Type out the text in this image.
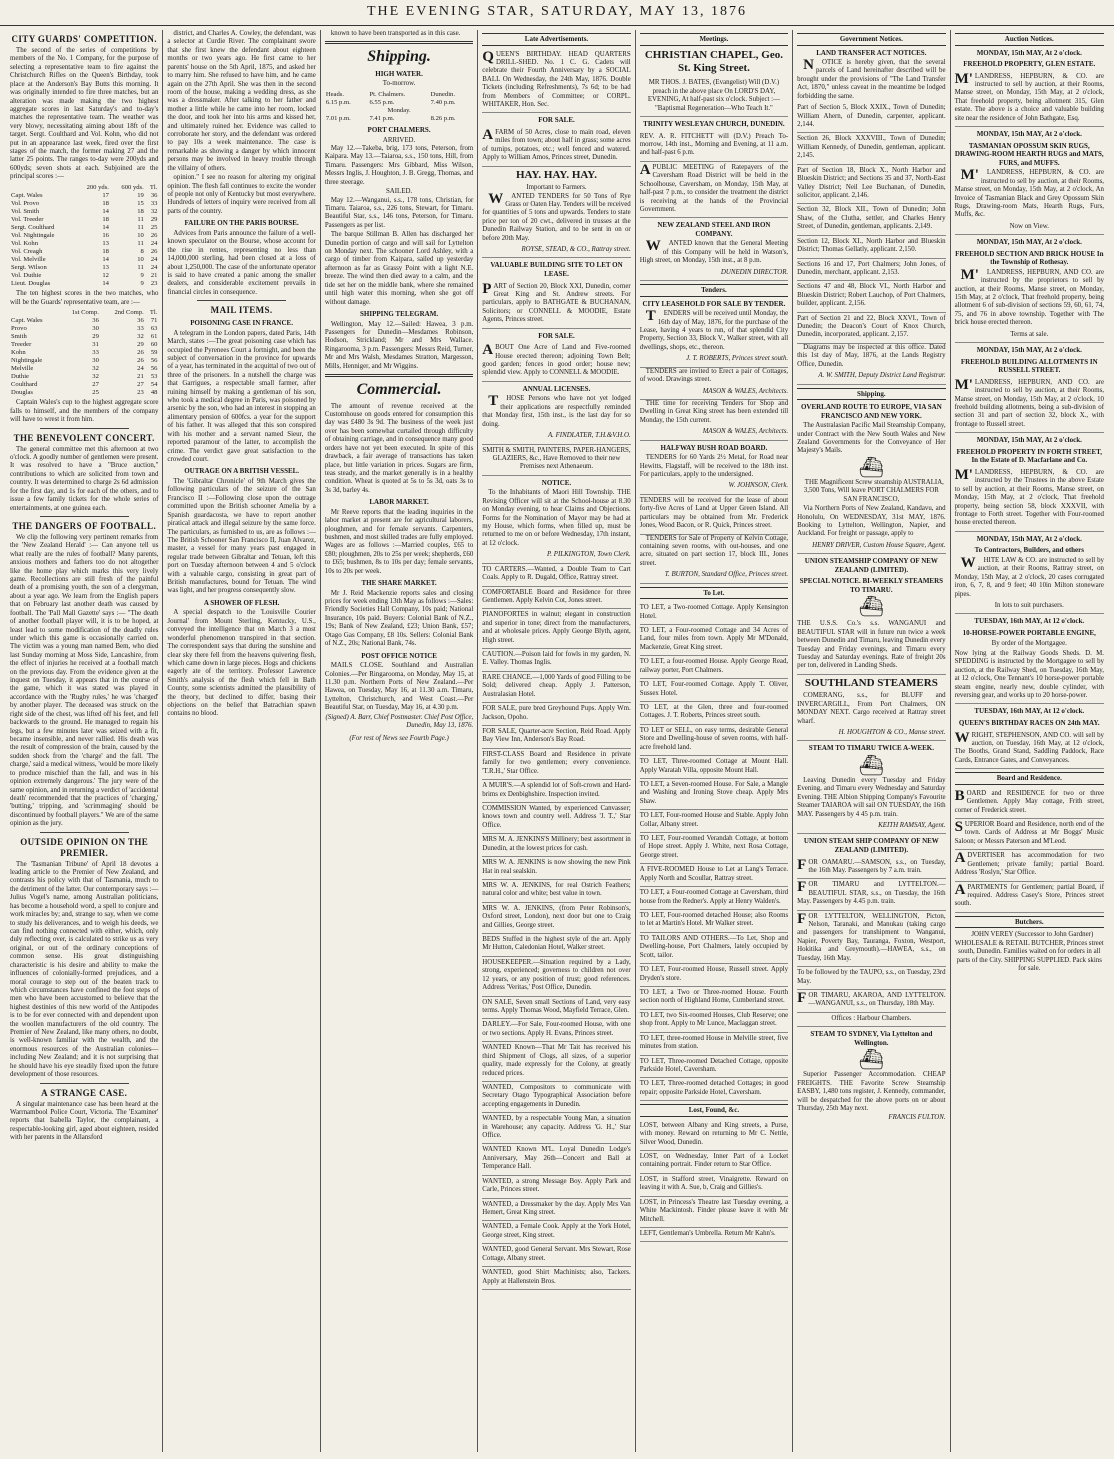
THE EVENING STAR, SATURDAY, MAY 13, 1876
CITY GUARDS' COMPETITION.
The second of the series of competitions by members of the No. 1 Company, for the purpose of selecting a representative team to fire against the Christchurch Rifles on the Queen's Birthday, took place at the Anderson's Bay Butts this morning. It was originally intended to fire three matches, but an alteration was made making the two highest aggregate scores in last Saturday's and to-day's matches the representative team. The weather was very blowy, necessitating aiming about 18ft of the target. Sergt. Coulthard and Vol. Kohn, who did not put in an appearance last week, fired over the first stages of the match, the former making 27 and the latter 25 points. The ranges to-day were 200yds and 600yds; seven shots at each. Subjoined are the principal scores :—
	200 yds.	600 yds.	Tl.
Capt. Wales	17	19	36
Vol. Provo	18	15	33
Vol. Smith	14	18	32
Vol. Treeder	18	11	29
Sergt. Coulthard	14	11	25
Vol. Nightingale	16	10	26
Vol. Kohn	13	11	24
Vol. Creagh	18	8	26
Vol. Melville	14	10	24
Sergt. Wilson	13	11	24
Vol. Duthie	12	9	21
Lieut. Douglas	14	9	23
The ten highest scores in the two matches, who will be the Guards' representative team, are :—
	1st Comp.	2nd Comp.	Tl.
Capt. Wales	36	36	71
Provo	30	33	63
Smith	29	32	61
Treeder	31	29	60
Kohn	33	26	59
Nightingale	30	26	56
Melville	32	24	56
Duthie	32	21	53
Coulthard	27	27	54
Douglas	25	23	48
Captain Wales's cup to the highest aggregate score falls to himself, and the members of the company will have to wrest it from him.
THE BENEVOLENT CONCERT.
The general committee met this afternoon at two o'clock. A goodly number of gentlemen were present. It was resolved to have a "Bruce auction," contributions to which are solicited from town and country. It was determined to charge 2s 6d admission for the first day, and 1s for each of the others, and to issue a few family tickets for the whole series of entertainments, at one guinea each.
THE DANGERS OF FOOTBALL.
We clip the following very pertinent remarks from the 'New Zealand Herald' :— Can anyone tell us what really are the rules of football? Many parents, anxious mothers and fathers too do not altogether like the home play which marks this very lively game. Recollections are still fresh of the painful death of a promising youth, the son of a clergyman, about a year ago. We learn from the English papers that on February last another death was caused by football. The 'Pall Mall Gazette' says :— "The death of another football player will, it is to be hoped, at least lead to some modification of the deadly rules under which this game is occasionally carried on. The victim was a young man named Bem, who died last Sunday morning at Moss Side, Lancashire, from the effect of injuries he received at a football match on the previous day. From the evidence given at the inquest on Tuesday, it appears that in the course of the game, which it was stated was played in accordance with the 'Rugby rules,' he was 'charged' by another player. The deceased was struck on the right side of the chest, was lifted off his feet, and fell backwards to the ground. He managed to regain his legs, but a few minutes later was seized with a fit, became insensible, and never rallied. His death was the result of compression of the brain, caused by the sudden shock from the 'charge' and the fall. 'The charge,' said a medical witness, 'would be more likely to produce mischief than the fall, and was in his opinion extremely dangerous.' The jury were of the same opinion, and in returning a verdict of 'accidental death' recommended that the practices of 'charging,' 'butting,' tripping, and 'scrimmaging' should be discontinued by football players." We are of the same opinion as the jury.
OUTSIDE OPINION ON THE PREMIER.
The 'Tasmanian Tribune' of April 18 devotes a leading article to the Premier of New Zealand, and contrasts his policy with that of Tasmania, much to the detriment of the latter. Our contemporary says :—Julius Vogel's name, among Australian politicians, has become a household word, a spell to conjure and work miracles by; and, strange to say, when we come to study his deliverances, and to weigh his deeds, we can find nothing connected with either, which, only duly reflecting over, is calculated to strike us as very original, or out of the ordinary conceptions of common sense. His great distinguishing characteristic is his desire and ability to make the influences of colonially-formed prejudices, and a moral courage to step out of the beaten track to which circumstances have confined the foot steps of men who have been accustomed to believe that the highest destinies of this new world of the Antipodes is to be for ever connected with and dependent upon the woollen manufacturers of the old country. The Premier of New Zealand, like many others, no doubt, is well-known familiar with the wealth, and the enormous resources of the Australian colonies—including New Zealand; and it is not surprising that he should have his eye steadily fixed upon the future development of those resources.
A STRANGE CASE.
A singular maintenance case has been heard at the Warrnambool Police Court, Victoria. The 'Examiner' reports that Isabella Taylor, the complainant, a respectable-looking girl, aged about eighteen, resided with her parents in the Allansford
district, and Charles A. Cowley, the defendant, was a selector at Curdie River. The complainant swore that she first knew the defendant about eighteen months or two years ago. He first came to her parents' house on the 5th April, 1875, and asked her to marry him. She refused to have him, and he came again on the 27th April. She was then in the second room of the house, making a wedding dress, as she was a dressmaker. After talking to her father and mother a little while he came into her room, locked the door, and took her into his arms and kissed her, and ultimately ruined her. Evidence was called to corroborate her story, and the defendant was ordered to pay 10s a week maintenance. The case is remarkable as showing a danger by which innocent persons may be involved in heavy trouble through the villainy of others.
opinion." I see no reason for altering my original opinion. The flesh fall continues to excite the wonder of people not only of Kentucky but most everywhere. Hundreds of letters of inquiry were received from all parts of the country.
FAILURE ON THE PARIS BOURSE.
Advices from Paris announce the failure of a well-known speculator on the Bourse, whose account for the rise in rentes, representing no less than 14,000,000 sterling, had been closed at a loss of about 1,250,000. The case of the unfortunate operator is said to have created a panic among the smaller dealers, and considerable excitement prevails in financial circles in consequence.
MAIL ITEMS.
POISONING CASE IN FRANCE.
A telegram in the London papers, dated Paris, 14th March, states :—The great poisoning case which has occupied the Pyrenees Court a fortnight, and been the subject of conversation in the province for upwards of a year, has terminated in the acquittal of two out of three of the prisoners. In a nutshell the charge was that Garrigues, a respectable small farmer, after ruining himself by making a gentleman of his son, who took a medical degree in Paris, was poisoned by arsenic by the son, who had an interest in stopping an alimentary pension of 600fcs. a year for the support of his father. It was alleged that this son conspired with his mother and a servant named Sieur, the reported paramour of the latter, to accomplish the crime. The verdict gave great satisfaction to the crowded court.
OUTRAGE ON A BRITISH VESSEL.
The 'Gibraltar Chronicle' of 9th March gives the following particulars of the seizure of the San Francisco II :—Following close upon the outrage committed upon the British schooner Amelia by a Spanish guardacosta, we have to report another piratical attack and illegal seizure by the same force. The particulars, as furnished to us, are as follows :—The British Schooner San Francisco II, Juan Alvarez, master, a vessel for many years past engaged in regular trade between Gibraltar and Tetuan, left this port on Tuesday afternoon between 4 and 5 o'clock with a valuable cargo, consisting in great part of British manufactures, bound for Tetuan. The wind was light, and her progress consequently slow.
A SHOWER OF FLESH.
A special despatch to the 'Louisville Courier Journal' from Mount Sterling, Kentucky, U.S., conveyed the intelligence that on March 3 a most wonderful phenomenon transpired in that section. The correspondent says that during the sunshine and clear sky there fell from the heavens quivering flesh, which came down in large pieces. Hogs and chickens eagerly ate of the territory. Professor Lawrence Smith's analysis of the flesh which fell in Bath County, some scientists admitted the plausibility of the theory, but declined to differ, basing their objections on the belief that Batrachian spawn contains no blood.
known to have been transported as in this case.
Shipping.
HIGH WATER.
To-morrow.
Heads.	Pt. Chalmers.	Dunedin.
6.15 p.m.	6.55 p.m.	7.40 p.m.
Monday.		
7.01 p.m.	7.41 p.m.	8.26 p.m.
PORT CHALMERS.
ARRIVED.
May 12.—Takeba, brig, 173 tons, Peterson, from Kaipara. May 13.—Taiaroa, s.s., 150 tons, Hill, from Timaru. Passengers: Mrs Gibbard, Miss Wilson, Messrs Inglis, J. Houghton, J. B. Gregg, Thomas, and three steerage.
SAILED.
May 12.—Wanganui, s.s., 178 tons, Christian, for Timaru. Taiaroa, s.s., 226 tons, Stewart, for Timaru. Beautiful Star, s.s., 146 tons, Peterson, for Timaru. Passengers as per list.
The barque Stillman B. Allen has discharged her Dunedin portion of cargo and will sail for Lyttelton on Monday next. The schooner Lord Ashley, with a cargo of timber from Kaipara, sailed up yesterday afternoon as far as Grassy Point with a light N.E. breeze. The wind then died away to a calm, and the tide set her on the middle bank, where she remained until high water this morning, when she got off without damage.
SHIPPING TELEGRAM.
Wellington, May 12.—Sailed: Hawea, 3 p.m. Passengers for Dunedin—Mesdames Robinson, Hodson, Strickland; Mr and Mrs Wallace. Ringarooma, 3 p.m. Passengers: Messrs Reid, Turner, Mr and Mrs Walsh, Mesdames Stratton, Margesson, Mills, Henniger, and Mr Wiggins.
Commercial.
The amount of revenue received at the Customhouse on goods entered for consumption this day was £480 3s 9d. The business of the week just over has been somewhat curtailed through difficulty of obtaining carriage, and in consequence many good orders have not yet been executed. In spite of this drawback, a fair average of transactions has taken place, but little variation in prices. Sugars are firm, teas steady, and the market generally is in a healthy condition. Wheat is quoted at 5s to 5s 3d, oats 3s to 3s 3d, barley 4s.
LABOR MARKET.
Mr Reeve reports that the leading inquiries in the labor market at present are for agricultural laborers, ploughmen, and for female servants. Carpenters, bushmen, and most skilled trades are fully employed. Wages are as follows :—Married couples, £65 to £80; ploughmen, 20s to 25s per week; shepherds, £60 to £65; bushmen, 8s to 10s per day; female servants, 10s to 20s per week.
THE SHARE MARKET.
Mr J. Reid Mackenzie reports sales and closing prices for week ending 13th May as follows :—Sales: Friendly Societies Hall Company, 10s paid; National Insurance, 10s paid. Buyers: Colonial Bank of N.Z., 19s; Bank of New Zealand, £23; Union Bank, £57; Otago Gas Company, £8 10s. Sellers: Colonial Bank of N.Z., 20s; National Bank, 74s.
POST OFFICE NOTICE
MAILS CLOSE. Southland and Australian Colonies.—Per Ringarooma, on Monday, May 15, at 11.30 p.m. Northern Ports of New Zealand.—Per Hawea, on Tuesday, May 16, at 11.30 a.m. Timaru, Lyttelton, Christchurch, and West Coast.—Per Beautiful Star, on Tuesday, May 16, at 4.30 p.m.
(Signed) A. Barr, Chief Postmaster. Chief Post Office, Dunedin, May 13, 1876.
(For rest of News see Fourth Page.)
Late Advertisements.
QUEEN'S BIRTHDAY. HEAD QUARTERS DRILL-SHED. No. 1 C. G. Cadets will celebrate their Fourth Anniversary by a SOCIAL BALL On Wednesday, the 24th May, 1876. Double Tickets (including Refreshments), 7s 6d; to be had from Members of Committee; or CORPL. WHITAKER, Hon. Sec.
FOR SALE.
AFARM of 50 Acres, close to main road, eleven miles from town; about half in grass; some acres of turnips, potatoes, etc.; well fenced and watered. Apply to William Amos, Princes street, Dunedin.
HAY. HAY. HAY.
Important to Farmers.
WANTED TENDERS for 50 Tons of Rye Grass or Oaten Hay. Tenders will be received for quantities of 5 tons and upwards. Tenders to state price per ton of 20 cwt., delivered in trusses at the Dunedin Railway Station, and to be sent in on or before 20th May.
ROYSE, STEAD, & CO., Rattray street.
VALUABLE BUILDING SITE TO LET ON LEASE.
PART of Section 20, Block XXI, Dunedin, corner Great King and St. Andrew streets. For particulars, apply to BATHGATE & BUCHANAN, Solicitors; or CONNELL & MOODIE, Estate Agents, Princes street.
FOR SALE.
ABOUT One Acre of Land and Five-roomed House erected thereon; adjoining Town Belt; good garden; fences in good order; house new; splendid view. Apply to CONNELL & MOODIE.
ANNUAL LICENSES.
THOSE Persons who have not yet lodged their applications are respectfully reminded that Monday first, 15th inst., is the last day for so doing.
A. FINDLATER, T.H.&V.H.O.
SMITH & SMITH, PAINTERS, PAPER-HANGERS, GLAZIERS, &c., Have Removed to their new Premises next Athenaeum.
NOTICE.
To the Inhabitants of Maori Hill Township. THE Revising Officer will sit at the School-house at 8.30 on Monday evening, to hear Claims and Objections. Forms for the Nomination of Mayor may be had at my House, which forms, when filled up, must be returned to me on or before Wednesday, 17th instant, at 12 o'clock.
P. PILKINGTON, Town Clerk.
TO CARTERS.—Wanted, a Double Team to Cart Coals. Apply to R. Dugald, Office, Rattray street.
COMFORTABLE Board and Residence for three Gentlemen. Apply Kelvin Cot, Jones street.
PIANOFORTES in walnut; elegant in construction and superior in tone; direct from the manufacturers, and at wholesale prices. Apply George Blyth, agent, High street.
CAUTION.—Poison laid for fowls in my garden, N. E. Valley. Thomas Inglis.
RARE CHANCE.—1,000 Yards of good Filling to be Sold; delivered cheap. Apply J. Patterson, Australasian Hotel.
FOR SALE, pure bred Greyhound Pups. Apply Wm. Jackson, Opoho.
FOR SALE, Quarter-acre Section, Reid Road. Apply Bay View Inn, Anderson's Bay Road.
FIRST-CLASS Board and Residence in private family for two gentlemen; every convenience. 'T.R.H.,' Star Office.
A MUIR'S.—A splendid lot of Soft-crown and Hard-brims ex Denbighshire. Inspection invited.
COMMISSION Wanted, by experienced Canvasser; knows town and country well. Address 'J. T.,' Star Office.
MRS M. A. JENKINS'S Millinery; best assortment in Dunedin, at the lowest prices for cash.
MRS W. A. JENKINS is now showing the new Pink Hat in real sealskin.
MRS W. A. JENKINS, for real Ostrich Feathers; natural color and white; best value in town.
MRS W. A. JENKINS, (from Peter Robinson's, Oxford street, London), next door but one to Craig and Gillies, George street.
BEDS Stuffed in the highest style of the art. Apply Mr Hutton, Caledonian Hotel, Walker street.
HOUSEKEEPER.—Situation required by a Lady, strong, experienced; governess to children not over 12 years, or any position of trust; good references. Address 'Veritas,' Post Office, Dunedin.
ON SALE, Seven small Sections of Land, very easy terms. Apply Thomas Wood, Mayfield Terrace, Glen.
DARLEY.—For Sale, Four-roomed House, with one or two sections. Apply H. Evans, Princes street.
WANTED Known—That Mr Tait has received his third Shipment of Clogs, all sizes, of a superior quality, made expressly for the Colony, at greatly reduced prices.
WANTED, Compositors to communicate with Secretary Otago Typographical Association before accepting engagements in Dunedin.
WANTED, by a respectable Young Man, a situation in Warehouse; any capacity. Address 'G. H.,' Star Office.
WANTED Known M'L. Loyal Dunedin Lodge's Anniversary, May 26th—Concert and Ball at Temperance Hall.
WANTED, a strong Message Boy. Apply Park and Carle, Princes street.
WANTED, a Dressmaker by the day. Apply Mrs Van Hemert, Great King street.
WANTED, a Female Cook. Apply at the York Hotel, George street, King street.
WANTED, good General Servant. Mrs Stewart, Rose Cottage, Albany street.
WANTED, good Shirt Machinists; also, Tackers. Apply at Hallenstein Bros.
Meetings.
CHRISTIAN CHAPEL, Geo. St. King Street.
MR THOS. J. BATES, (Evangelist) Will (D.V.) preach in the above place On LORD'S DAY, EVENING, At half-past six o'clock. Subject :— "Baptismal Regeneration—Who Teach It."
TRINITY WESLEYAN CHURCH, DUNEDIN.
REV. A. R. FITCHETT will (D.V.) Preach To-morrow, 14th inst., Morning and Evening, at 11 a.m. and half-past 6 p.m.
APUBLIC MEETING of Ratepayers of the Caversham Road District will be held in the Schoolhouse, Caversham, on Monday, 15th May, at half-past 7 p.m., to consider the treatment the district is receiving at the hands of the Provincial Government.
NEW ZEALAND STEEL AND IRON COMPANY.
WANTED known that the General Meeting of this Company will be held in Watson's, High street, on Monday, 15th inst., at 8 p.m.
DUNEDIN DIRECTOR.
Tenders.
CITY LEASEHOLD FOR SALE BY TENDER.
TENDERS will be received until Monday, the 16th day of May, 1876, for the purchase of the Lease, having 4 years to run, of that splendid City Property, Section 33, Block V., Walker street, with all dwellings, shops, etc., thereon.
J. T. ROBERTS, Princes street south.
TENDERS are invited to Erect a pair of Cottages, of wood. Drawings street.
MASON & WALES, Architects.
THE time for receiving Tenders for Shop and Dwelling in Great King street has been extended till Monday, the 15th current.
MASON & WALES, Architects.
HALFWAY BUSH ROAD BOARD.
TENDERS for 60 Yards 2½ Metal, for Road near Hewitts, Flagstaff, will be received to the 18th inst. For particulars, apply to the undersigned.
W. JOHNSON, Clerk.
TENDERS will be received for the lease of about forty-five Acres of Land at Upper Green Island. All particulars may be obtained from Mr. Frederick Jones, Wood Bacon, or R. Quick, Princes street.
TENDERS for Sale of Property of Kelvin Cottage, containing seven rooms, with out-houses, and one acre, situated on part section 17, block III., Jones street.
T. BURTON, Standard Office, Princes street.
To Let.
TO LET, a Two-roomed Cottage. Apply Kensington Hotel.
TO LET, a Four-roomed Cottage and 34 Acres of Land, four miles from town. Apply Mr M'Donald, Mackenzie, Great King street.
TO LET, a four-roomed House. Apply George Read, railway porter, Port Chalmers.
TO LET, Four-roomed Cottage. Apply T. Oliver, Sussex Hotel.
TO LET, at the Glen, three and four-roomed Cottages. J. T. Roberts, Princes street south.
TO LET or SELL, on easy terms, desirable General Store and Dwelling-house of seven rooms, with half-acre freehold land.
TO LET, Three-roomed Cottage at Mount Hall. Apply Waratah Villa, opposite Mount Hall.
TO LET, a Seven-roomed House. For Sale, a Mangle and Washing and Ironing Stove cheap. Apply Mrs Shaw.
TO LET, Four-roomed House and Stable. Apply John Collar, Albany street.
TO LET, Four-roomed Verandah Cottage, at bottom of Hope street. Apply J. White, next Rosa Cottage, George street.
A FIVE-ROOMED House to Let at Lang's Terrace. Apply North and Scoullar, Rattray street.
TO LET, a Four-roomed Cottage at Caversham, third house from the Redner's. Apply at Henry Walden's.
TO LET, Four-roomed detached House; also Rooms to let at Martin's Hotel. Mr Walker street.
TO TAILORS AND OTHERS.—To Let, Shop and Dwelling-house, Port Chalmers, lately occupied by Scott, tailor.
TO LET, Four-roomed House, Russell street. Apply Dryden's store.
TO LET, a Two or Three-roomed House. Fourth section north of Highland Home, Cumberland street.
TO LET, two Six-roomed Houses, Club Reserve; one shop front. Apply to Mr Lunce, Maclaggan street.
TO LET, three-roomed House in Melville street, five minutes from station.
TO LET, Three-roomed Detached Cottage, opposite Parkside Hotel, Caversham.
TO LET, Three-roomed detached Cottages; in good repair; opposite Parkside Hotel, Caversham.
Lost, Found, &c.
LOST, between Albany and King streets, a Purse, with money. Reward on returning to Mr C. Nettle, Silver Wood, Dunedin.
LOST, on Wednesday, Inner Part of a Locket containing portrait. Finder return to Star Office.
LOST, in Stafford street, Vinaigrette. Reward on leaving it with A. Sue, b, Craig and Gillies's.
LOST, in Princess's Theatre last Tuesday evening, a White Mackintosh. Finder please leave it with Mr Mitchell.
LEFT, Gentleman's Umbrella. Return Mr Kahn's.
Government Notices.
LAND TRANSFER ACT NOTICES.
NOTICE is hereby given, that the several parcels of Land hereinafter described will be brought under the provisions of "The Land Transfer Act, 1870," unless caveat in the meantime be lodged forbidding the same.
Part of Section 5, Block XXIX., Town of Dunedin; William Ahern, of Dunedin, carpenter, applicant. 2,144.
Section 26, Block XXXVIII., Town of Dunedin; William Kennedy, of Dunedin, gentleman, applicant. 2,145.
Part of Section 18, Block X., North Harbor and Blueskin District; and Sections 35 and 37, North-East Valley District; Neil Lee Buchanan, of Dunedin, solicitor, applicant. 2,146.
Section 32, Block XII., Town of Dunedin; John Shaw, of the Clutha, settler, and Charles Henry Street, of Dunedin, gentleman, applicants. 2,149.
Section 12, Block XI., North Harbor and Blueskin District; Thomas Gellatly, applicant. 2,150.
Sections 16 and 17, Port Chalmers; John Jones, of Dunedin, merchant, applicant. 2,153.
Sections 47 and 48, Block VI., North Harbor and Blueskin District; Robert Lauchop, of Port Chalmers, builder, applicant. 2,156.
Part of Section 21 and 22, Block XXVI., Town of Dunedin; the Deacon's Court of Knox Church, Dunedin, incorporated, applicant. 2,157.
Diagrams may be inspected at this office. Dated this 1st day of May, 1876, at the Lands Registry Office, Dunedin.
A. W. SMITH, Deputy District Land Registrar.
Shipping.
OVERLAND ROUTE TO EUROPE, VIA SAN FRANCISCO AND NEW YORK.
The Australasian Pacific Mail Steamship Company, under Contract with the New South Wales and New Zealand Governments for the Conveyance of Her Majesty's Mails.
⛴
THE Magnificent Screw steamship AUSTRALIA, 3,500 Tons, Will leave PORT CHALMERS FOR SAN FRANCISCO,
Via Northern Ports of New Zealand, Kandavu, and Honolulu, On WEDNESDAY, 31st MAY, 1876. Booking to Lyttelton, Wellington, Napier, and Auckland. For freight or passage, apply to
HENRY DRIVER, Custom House Square, Agent.
UNION STEAMSHIP COMPANY OF NEW ZEALAND (LIMITED).
SPECIAL NOTICE. BI-WEEKLY STEAMERS TO TIMARU.
⛴
THE U.S.S. Co.'s s.s. WANGANUI and BEAUTIFUL STAR will in future run twice a week between Dunedin and Timaru, leaving Dunedin every Tuesday and Friday evenings, and Timaru every Tuesday and Saturday evenings. Rate of freight 20s per ton, delivered in Landing Sheds.
SOUTHLAND STEAMERS
COMERANG, s.s., for BLUFF and INVERCARGILL, From Port Chalmers, ON MONDAY NEXT. Cargo received at Rattray street wharf.
H. HOUGHTON & CO., Manse street.
STEAM TO TIMARU TWICE A-WEEK.
⛴
Leaving Dunedin every Tuesday and Friday Evening, and Timaru every Wednesday and Saturday Evening. THE Albion Shipping Company's Favourite Steamer TAIAROA will sail ON TUESDAY, the 16th MAY. Passengers by 4 45 p.m. train.
KEITH RAMSAY, Agent.
UNION STEAM SHIP COMPANY OF NEW ZEALAND (LIMITED).
FOR OAMARU.—SAMSON, s.s., on Tuesday, the 16th May. Passengers by 7 a.m. train.
FOR TIMARU and LYTTELTON.—BEAUTIFUL STAR, s.s., on Tuesday, the 16th May. Passengers by 4.45 p.m. train.
FOR LYTTELTON, WELLINGTON, Picton, Nelson, Taranaki, and Manukau (taking cargo and passengers for transhipment to Wanganui, Napier, Poverty Bay, Tauranga, Foxton, Westport, Hokitika and Greymouth).—HAWEA, s.s., on Tuesday, 16th May.
To be followed by the TAUPO, s.s., on Tuesday, 23rd May.
FOR TIMARU, AKAROA, AND LYTTELTON.—WANGANUI, s.s., on Thursday, 18th May.
Offices : Harbour Chambers.
STEAM TO SYDNEY, Via Lyttelton and Wellington.
⛴
Superior Passenger Accommodation. CHEAP FREIGHTS. THE Favorite Screw Steamship EASBY, 1,480 tons register, J. Kennedy, commander, will be despatched for the above ports on or about Thursday, 25th May next.
FRANCIS FULTON.
Auction Notices.
MONDAY, 15th MAY, At 2 o'clock.
FREEHOLD PROPERTY, GLEN ESTATE.
M'LANDRESS, HEPBURN, & CO. are instructed to sell by auction, at their Rooms, Manse street, on Monday, 15th May, at 2 o'clock, That freehold property, being allotment 315, Glen estate. The above is a choice and valuable building site near the residence of John Bathgate, Esq.
MONDAY, 15th MAY, At 2 o'clock.
TASMANIAN OPOSSUM SKIN RUGS, DRAWING-ROOM HEARTH RUGS and MATS, FURS, and MUFFS.
M'LANDRESS, HEPBURN, & CO. are instructed to sell by auction, at their Rooms, Manse street, on Monday, 15th May, at 2 o'clock, An Invoice of Tasmanian Black and Grey Opossum Skin Rugs, Drawing-room Mats, Hearth Rugs, Furs, Muffs, &c.
Now on View.
MONDAY, 15th MAY, At 2 o'clock.
FREEHOLD SECTION AND BRICK HOUSE In the Township of Rothesay.
M'LANDRESS, HEPBURN, AND CO. are instructed by the proprietors to sell by auction, at their Rooms, Manse street, on Monday, 15th May, at 2 o'clock, That freehold property, being allotment 6 of sub-division of sections 59, 60, 61, 74, 75, and 76 in above township. Together with The brick house erected thereon.
Terms at sale.
MONDAY, 15th MAY, At 2 o'clock.
FREEHOLD BUILDING ALLOTMENTS IN RUSSELL STREET.
M'LANDRESS, HEPBURN, AND CO. are instructed to sell by auction, at their Rooms, Manse street, on Monday, 15th May, at 2 o'clock, 10 freehold building allotments, being a sub-division of section 31 and part of section 32, block X., with frontage to Russell street.
MONDAY, 15th MAY, At 2 o'clock.
FREEHOLD PROPERTY IN FORTH STREET, In the Estate of D. Macfarlane and Co.
M'LANDRESS, HEPBURN, & CO. are instructed by the Trustees in the above Estate to sell by auction, at their Rooms, Manse street, on Monday, 15th May, at 2 o'clock, That freehold property, being section 58, block XXXVII, with frontage to Forth street. Together with Four-roomed house erected thereon.
MONDAY, 15th MAY, At 2 o'clock.
To Contractors, Builders, and others
WHITE LAW & CO. are instructed to sell by auction, at their Rooms, Rattray street, on Monday, 15th May, at 2 o'clock, 20 cases corrugated iron, 6, 7, 8, and 9 feet; 40 10in Milton stoneware pipes.
In lots to suit purchasers.
TUESDAY, 16th MAY, At 12 o'clock.
10-HORSE-POWER PORTABLE ENGINE,
By order of the Mortgagee.
Now lying at the Railway Goods Sheds. D. M. SPEDDING is instructed by the Mortgagee to sell by auction, at the Railway Shed, on Tuesday, 16th May, at 12 o'clock, One Tennant's 10 horse-power portable steam engine, nearly new, double cylinder, with reversing gear, and works up to 20 horse-power.
TUESDAY, 16th MAY, At 12 o'clock.
QUEEN'S BIRTHDAY RACES ON 24th MAY.
WRIGHT, STEPHENSON, AND CO. will sell by auction, on Tuesday, 16th May, at 12 o'clock, The Booths, Grand Stand, Saddling Paddock, Race Cards, Entrance Gates, and Conveyances.
Board and Residence.
BOARD and RESIDENCE for two or three Gentlemen. Apply May cottage, Frith street, corner of Frederick street.
SUPERIOR Board and Residence, north end of the town. Cards of Address at Mr Boggs' Music Saloon; or Messrs Paterson and M'Leod.
ADVERTISER has accommodation for two Gentlemen; private family; partial Board. Address 'Roslyn,' Star Office.
APARTMENTS for Gentlemen; partial Board, if required. Address Casey's Store, Princes street south.
Butchers.
JOHN VEREY (Successor to John Gardner) WHOLESALE & RETAIL BUTCHER, Princes street south, Dunedin. Families waited on for orders in all parts of the City. SHIPPING SUPPLIED. Pack skins for sale.
